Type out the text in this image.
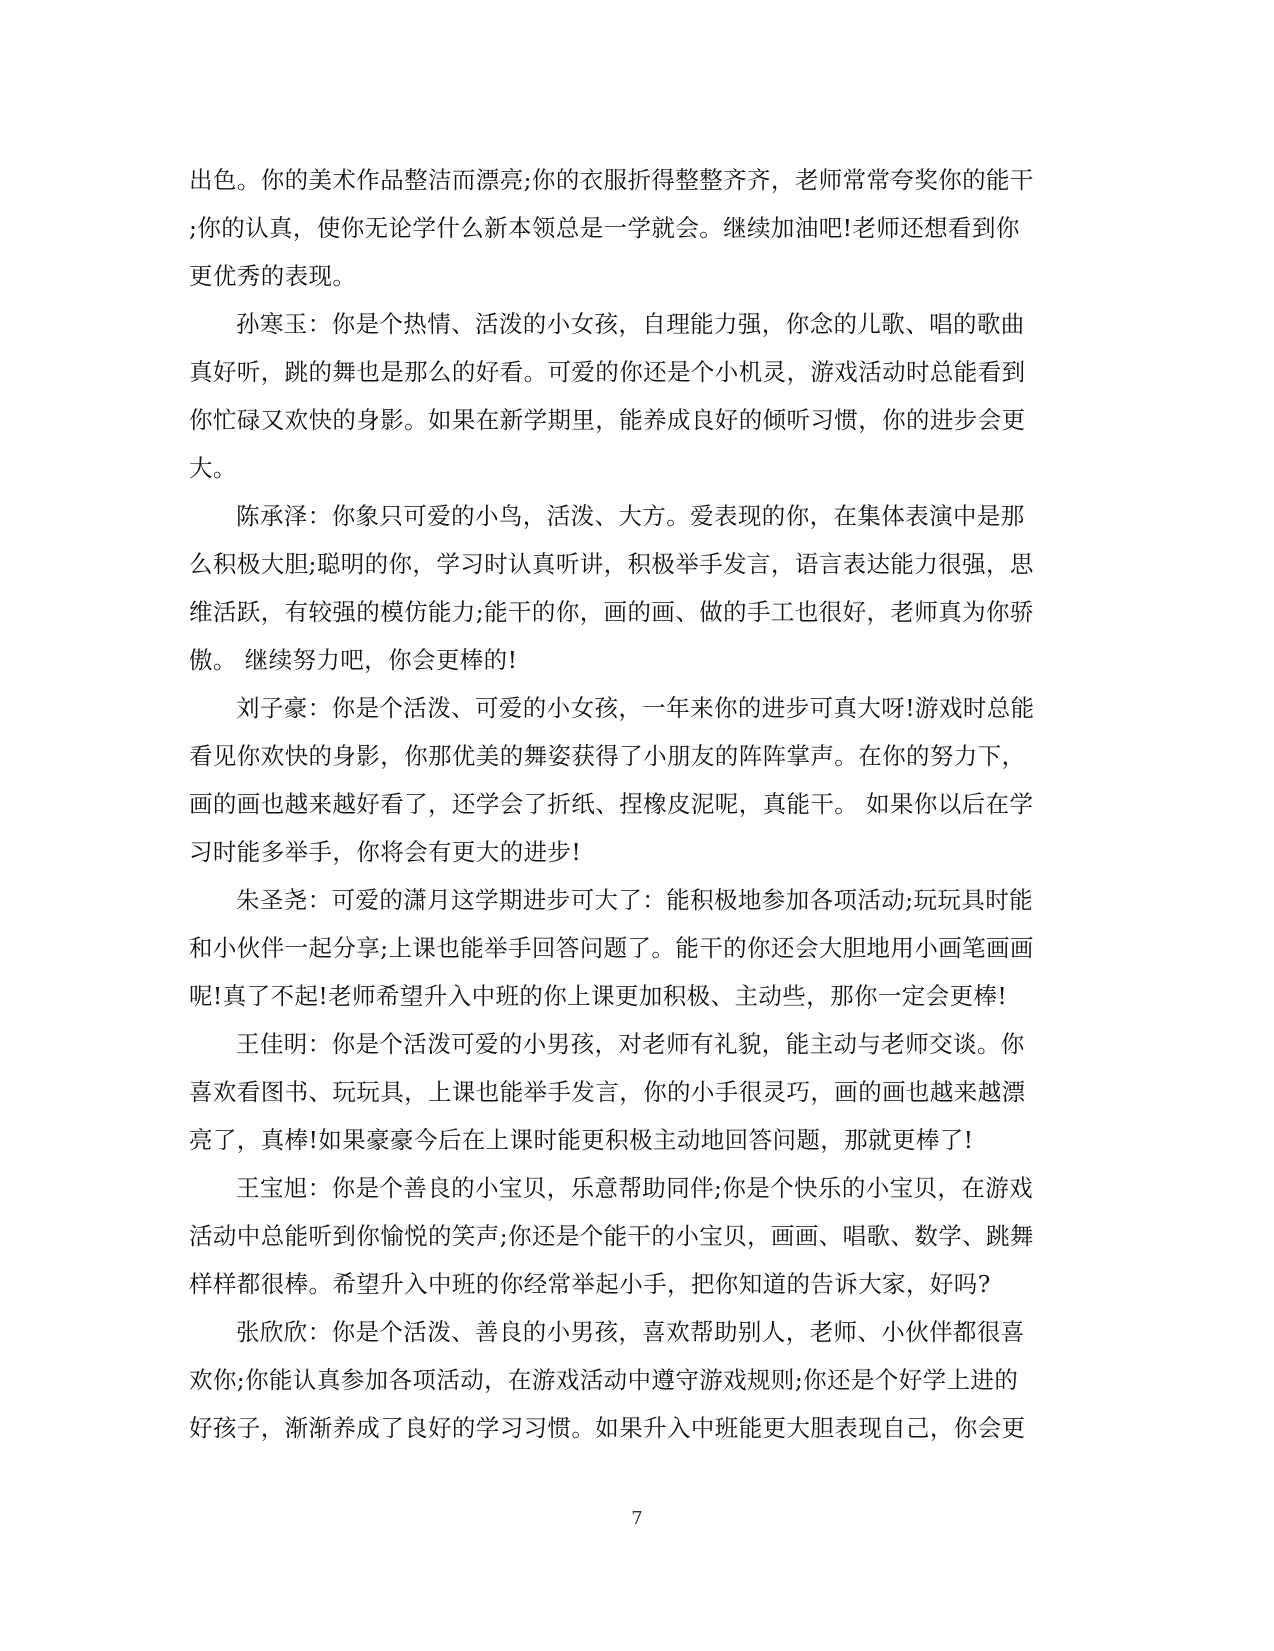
出色。你的美术作品整洁而漂亮;你的衣服折得整整齐齐，老师常常夸奖你的能干
;你的认真，使你无论学什么新本领总是一学就会。继续加油吧!老师还想看到你
更优秀的表现。
孙寒玉：你是个热情、活泼的小女孩，自理能力强，你念的儿歌、唱的歌曲
真好听，跳的舞也是那么的好看。可爱的你还是个小机灵，游戏活动时总能看到
你忙碌又欢快的身影。如果在新学期里，能养成良好的倾听习惯，你的进步会更
大。
陈承泽：你象只可爱的小鸟，活泼、大方。爱表现的你，在集体表演中是那
么积极大胆;聪明的你，学习时认真听讲，积极举手发言，语言表达能力很强，思
维活跃，有较强的模仿能力;能干的你，画的画、做的手工也很好，老师真为你骄
傲。 继续努力吧，你会更棒的!
刘子豪：你是个活泼、可爱的小女孩，一年来你的进步可真大呀!游戏时总能
看见你欢快的身影，你那优美的舞姿获得了小朋友的阵阵掌声。在你的努力下，
画的画也越来越好看了，还学会了折纸、捏橡皮泥呢，真能干。 如果你以后在学
习时能多举手，你将会有更大的进步!
朱圣尧：可爱的潇月这学期进步可大了：能积极地参加各项活动;玩玩具时能
和小伙伴一起分享;上课也能举手回答问题了。能干的你还会大胆地用小画笔画画
呢!真了不起!老师希望升入中班的你上课更加积极、主动些，那你一定会更棒!
王佳明：你是个活泼可爱的小男孩，对老师有礼貌，能主动与老师交谈。你
喜欢看图书、玩玩具，上课也能举手发言，你的小手很灵巧，画的画也越来越漂
亮了，真棒!如果豪豪今后在上课时能更积极主动地回答问题，那就更棒了!
王宝旭：你是个善良的小宝贝，乐意帮助同伴;你是个快乐的小宝贝，在游戏
活动中总能听到你愉悦的笑声;你还是个能干的小宝贝，画画、唱歌、数学、跳舞
样样都很棒。希望升入中班的你经常举起小手，把你知道的告诉大家，好吗?
张欣欣：你是个活泼、善良的小男孩，喜欢帮助别人，老师、小伙伴都很喜
欢你;你能认真参加各项活动，在游戏活动中遵守游戏规则;你还是个好学上进的
好孩子，渐渐养成了良好的学习习惯。如果升入中班能更大胆表现自己，你会更
7
